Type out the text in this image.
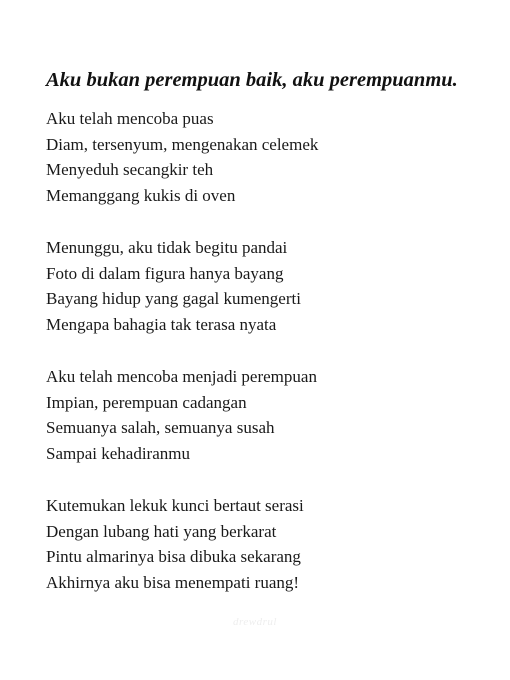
Aku bukan perempuan baik, aku perempuanmu.
Aku telah mencoba puas
Diam, tersenyum, mengenakan celemek
Menyeduh secangkir teh
Memanggang kukis di oven
Menunggu, aku tidak begitu pandai
Foto di dalam figura hanya bayang
Bayang hidup yang gagal kumengerti
Mengapa bahagia tak terasa nyata
Aku telah mencoba menjadi perempuan
Impian, perempuan cadangan
Semuanya salah, semuanya susah
Sampai kehadiranmu
Kutemukan lekuk kunci bertaut serasi
Dengan lubang hati yang berkarat
Pintu almarinya bisa dibuka sekarang
Akhirnya aku bisa menempati ruang!
drewdrul
